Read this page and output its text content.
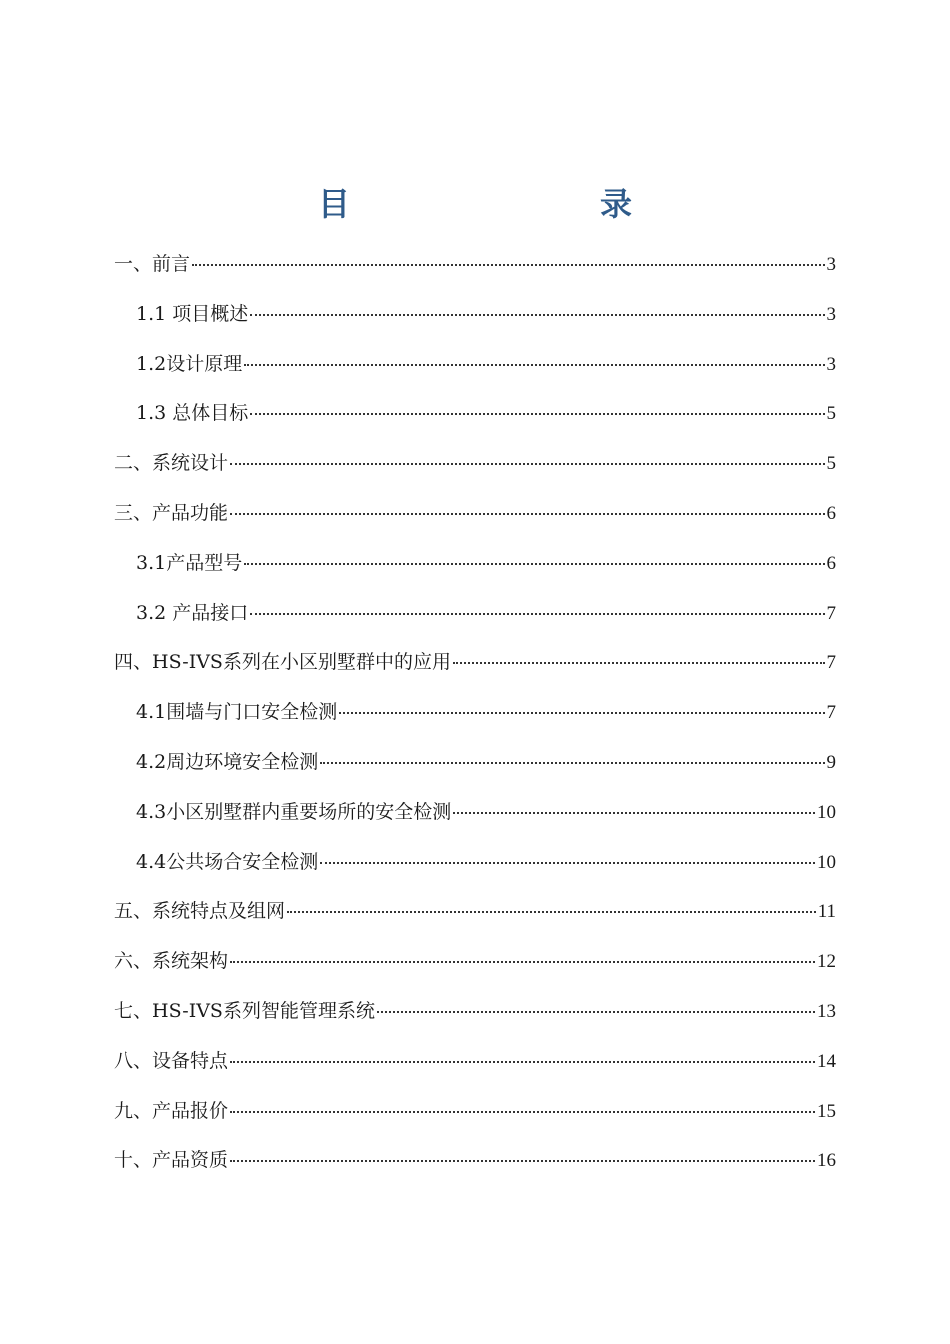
目　　录
一、前言	3
1.1 项目概述	3
1.2设计原理	3
1.3 总体目标	5
二、系统设计	5
三、产品功能	6
3.1产品型号	6
3.2 产品接口	7
四、HS-IVS系列在小区别墅群中的应用	7
4.1围墙与门口安全检测	7
4.2周边环境安全检测	9
4.3小区别墅群内重要场所的安全检测	10
4.4公共场合安全检测	10
五、系统特点及组网	11
六、系统架构	12
七、HS-IVS系列智能管理系统	13
八、设备特点	14
九、产品报价	15
十、产品资质	16
